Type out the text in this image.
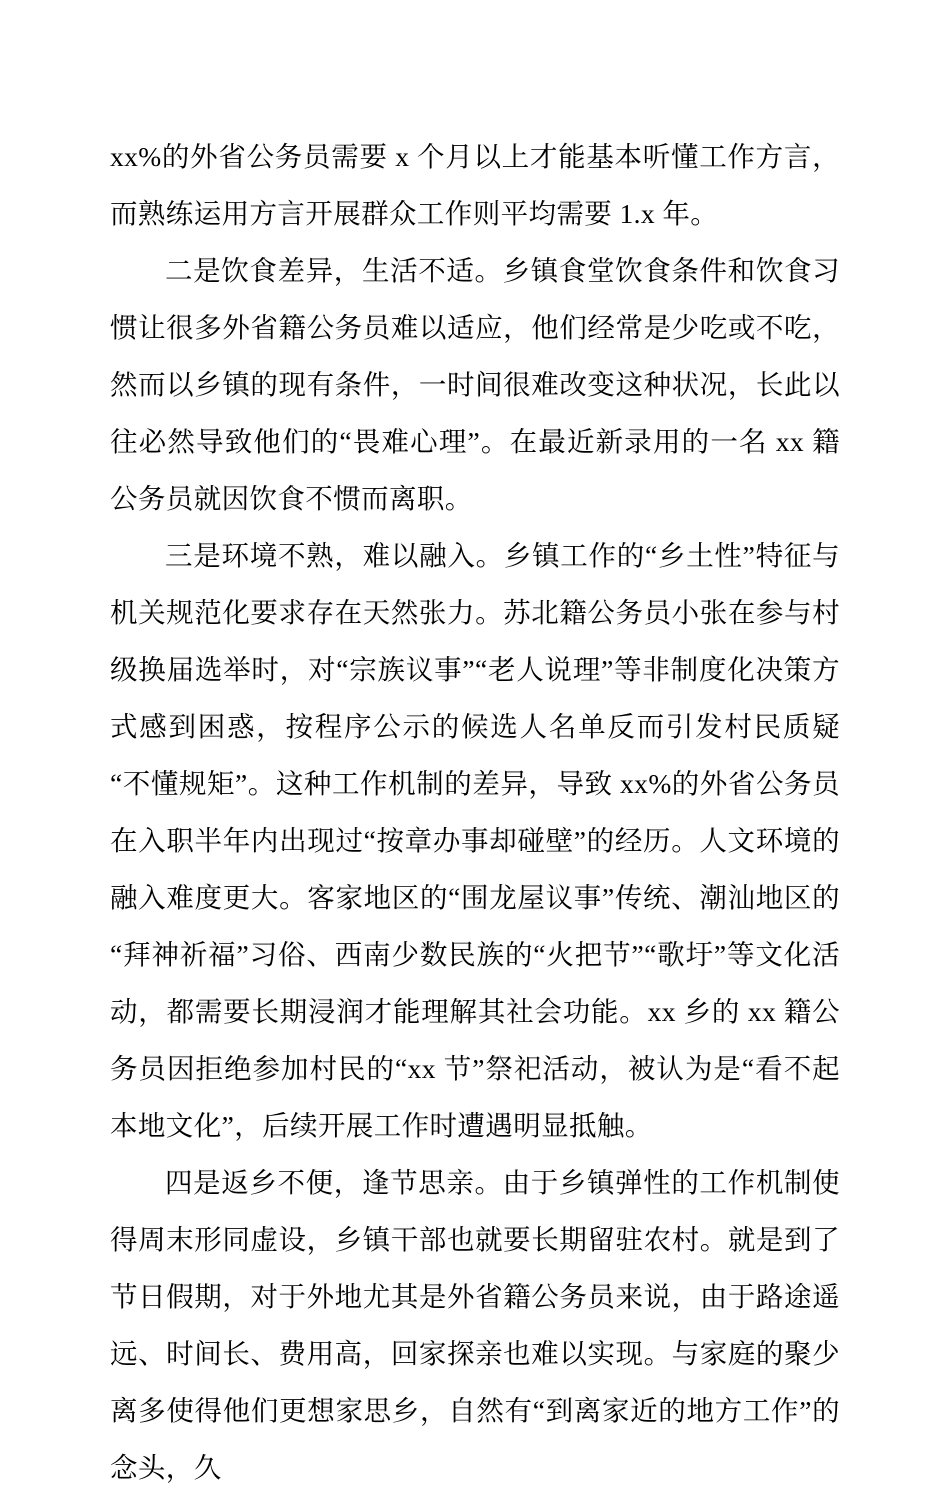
xx%的外省公务员需要 x 个月以上才能基本听懂工作方言，而熟练运用方言开展群众工作则平均需要 1.x 年。

二是饮食差异，生活不适。乡镇食堂饮食条件和饮食习惯让很多外省籍公务员难以适应，他们经常是少吃或不吃，然而以乡镇的现有条件，一时间很难改变这种状况，长此以往必然导致他们的“畏难心理”。在最近新录用的一名 xx 籍公务员就因饮食不惯而离职。

三是环境不熟，难以融入。乡镇工作的“乡土性”特征与机关规范化要求存在天然张力。苏北籍公务员小张在参与村级换届选举时，对“宗族议事”“老人说理”等非制度化决策方式感到困惑，按程序公示的候选人名单反而引发村民质疑“不懂规矩”。这种工作机制的差异，导致 xx%的外省公务员在入职半年内出现过“按章办事却碰壁”的经历。人文环境的融入难度更大。客家地区的“围龙屋议事”传统、潮汕地区的“拜神祈福”习俗、西南少数民族的“火把节”“歌圩”等文化活动，都需要长期浸润才能理解其社会功能。xx 乡的 xx 籍公务员因拒绝参加村民的“xx 节”祭祀活动，被认为是“看不起本地文化”，后续开展工作时遭遇明显抵触。

四是返乡不便，逢节思亲。由于乡镇弹性的工作机制使得周末形同虚设，乡镇干部也就要长期留驻农村。就是到了节日假期，对于外地尤其是外省籍公务员来说，由于路途遥远、时间长、费用高，回家探亲也难以实现。与家庭的聚少离多使得他们更想家思乡，自然有“到离家近的地方工作”的念头，久
